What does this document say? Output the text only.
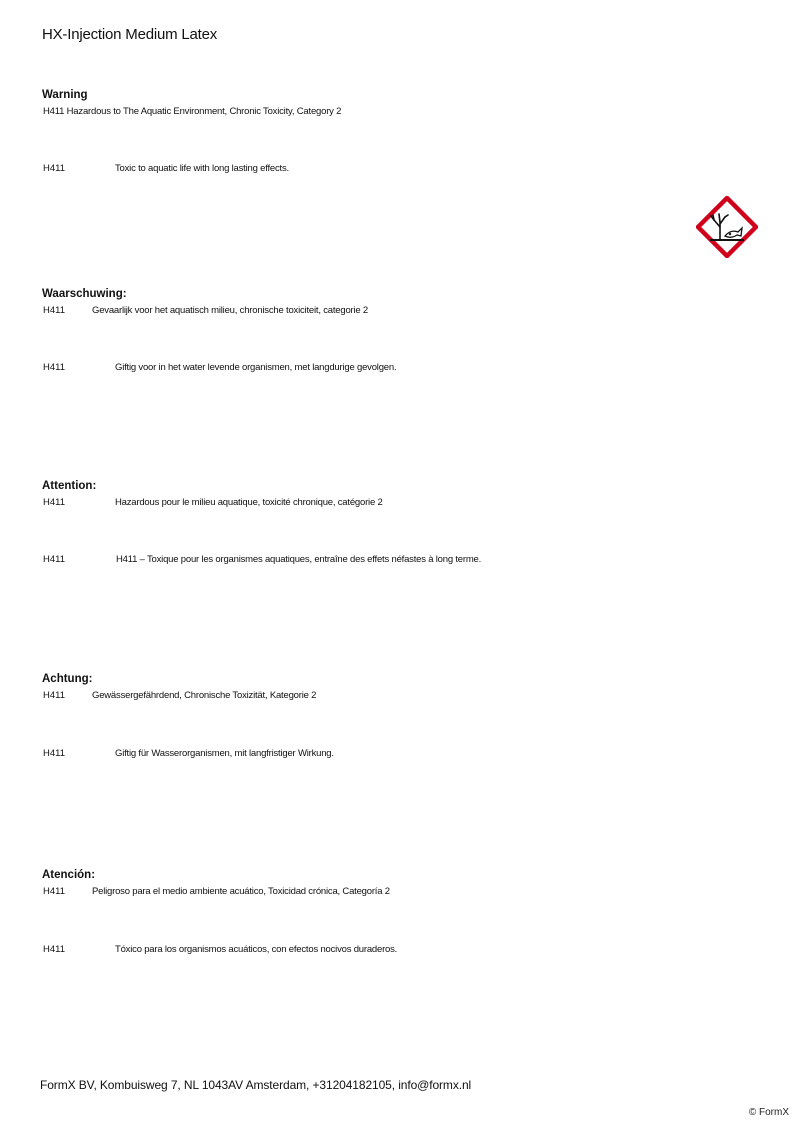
HX-Injection Medium Latex
Warning
H411 Hazardous to The Aquatic Environment, Chronic Toxicity, Category 2
H411	Toxic to aquatic life with long lasting effects.
Waarschuwing:
H411	Gevaarlijk voor het aquatisch milieu, chronische toxiciteit, categorie 2
H411	Giftig voor in het water levende organismen, met langdurige gevolgen.
Attention:
H411	Hazardous pour le milieu aquatique, toxicité chronique, catégorie 2
H411	H411 – Toxique pour les organismes aquatiques, entraîne des effets néfastes à long terme.
Achtung:
H411	Gewässergefährdend, Chronische Toxizität, Kategorie 2
H411	Giftig für Wasserorganismen, mit langfristiger Wirkung.
Atención:
H411	Peligroso para el medio ambiente acuático, Toxicidad crónica, Categoría 2
H411	Tóxico para los organismos acuáticos, con efectos nocivos duraderos.
FormX BV, Kombuisweg 7, NL 1043AV Amsterdam, +31204182105, info@formx.nl
© FormX
